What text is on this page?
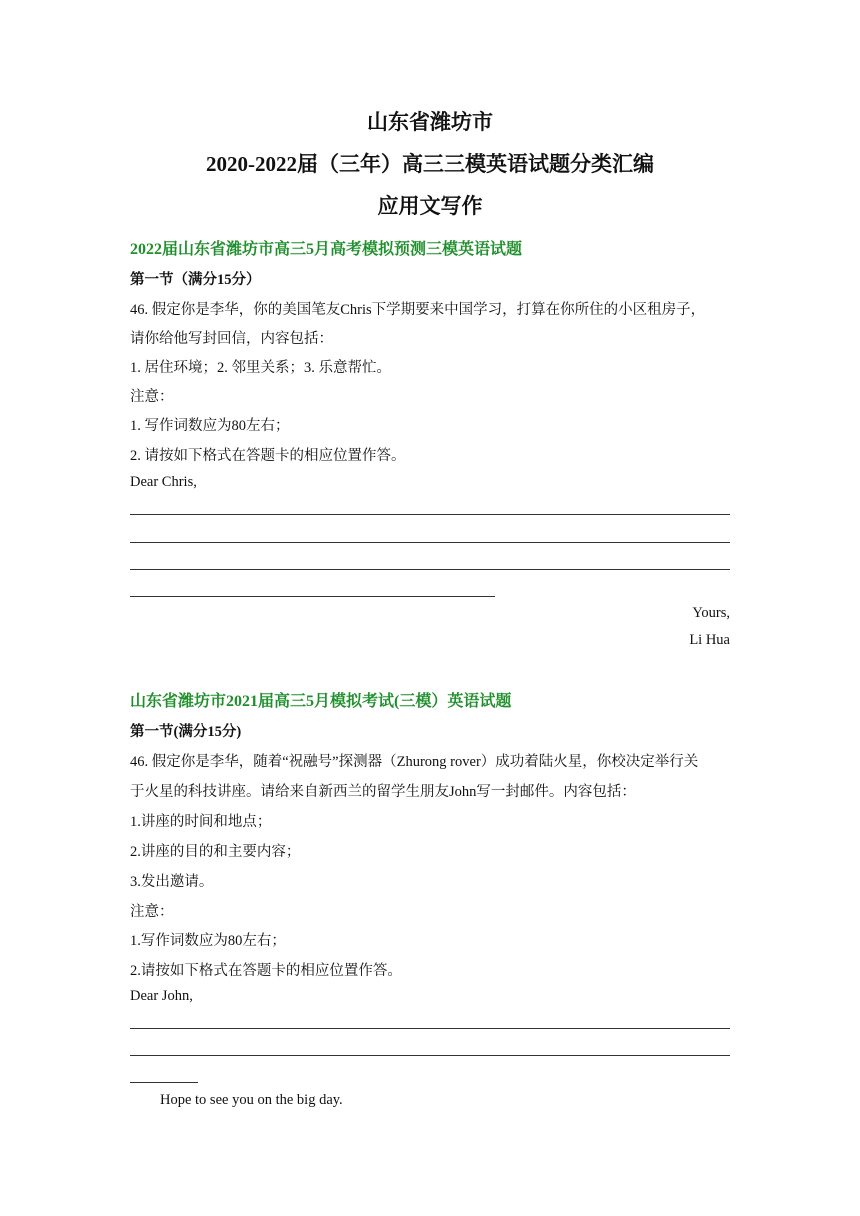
山东省潍坊市
2020-2022届（三年）高三三模英语试题分类汇编
应用文写作
2022届山东省潍坊市高三5月高考模拟预测三模英语试题
第一节（满分15分）
46. 假定你是李华，你的美国笔友Chris下学期要来中国学习，打算在你所住的小区租房子，
请你给他写封回信，内容包括：
1. 居住环境；2. 邻里关系；3. 乐意帮忙。
注意：
1. 写作词数应为80左右；
2. 请按如下格式在答题卡的相应位置作答。
Dear Chris,
Yours,
Li Hua
山东省潍坊市2021届高三5月模拟考试(三模）英语试题
第一节(满分15分)
46. 假定你是李华，随着“祝融号”探测器（Zhurong rover）成功着陆火星，你校决定举行关
于火星的科技讲座。请给来自新西兰的留学生朋友John写一封邮件。内容包括：
1.讲座的时间和地点；
2.讲座的目的和主要内容；
3.发出邀请。
注意：
1.写作词数应为80左右；
2.请按如下格式在答题卡的相应位置作答。
Dear John,
Hope to see you on the big day.
